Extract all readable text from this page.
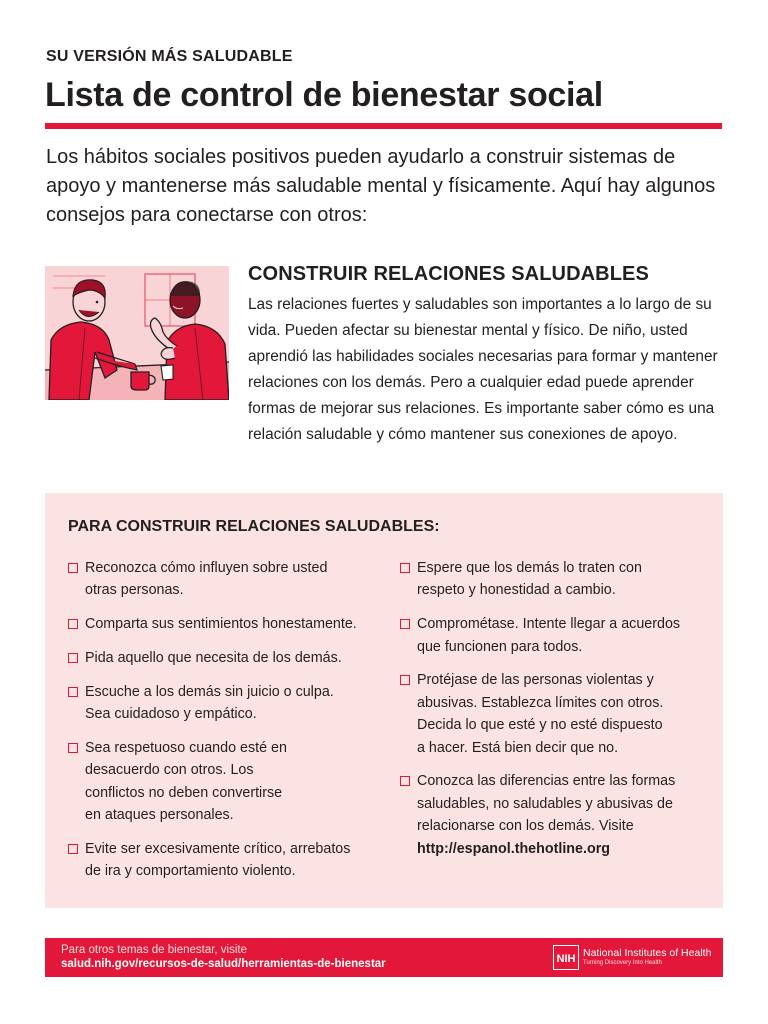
SU VERSIÓN MÁS SALUDABLE
Lista de control de bienestar social

Los hábitos sociales positivos pueden ayudarlo a construir sistemas de apoyo y mantenerse más saludable mental y físicamente. Aquí hay algunos consejos para conectarse con otros:

CONSTRUIR RELACIONES SALUDABLES

Las relaciones fuertes y saludables son importantes a lo largo de su vida. Pueden afectar su bienestar mental y físico. De niño, usted aprendió las habilidades sociales necesarias para formar y mantener relaciones con los demás. Pero a cualquier edad puede aprender formas de mejorar sus relaciones. Es importante saber cómo es una relación saludable y cómo mantener sus conexiones de apoyo.

PARA CONSTRUIR RELACIONES SALUDABLES:
Reconozca cómo influyen sobre usted
otras personas.
Comparta sus sentimientos honestamente.
Pida aquello que necesita de los demás.
Escuche a los demás sin juicio o culpa.
Sea cuidadoso y empático.
Sea respetuoso cuando esté en
desacuerdo con otros. Los
conflictos no deben convertirse
en ataques personales.
Evite ser excesivamente crítico, arrebatos
de ira y comportamiento violento.
Espere que los demás lo traten con
respeto y honestidad a cambio.
Comprométase. Intente llegar a acuerdos
que funcionen para todos.
Protéjase de las personas violentas y
abusivas. Establezca límites con otros.
Decida lo que esté y no esté dispuesto
a hacer. Está bien decir que no.
Conozca las diferencias entre las formas
saludables, no saludables y abusivas de
relacionarse con los demás. Visite
http://espanol.thehotline.org
Para otros temas de bienestar, visite
salud.nih.gov/recursos-de-salud/herramientas-de-bienestar	NIH National Institutes of Health
Turning Discovery Into Health
